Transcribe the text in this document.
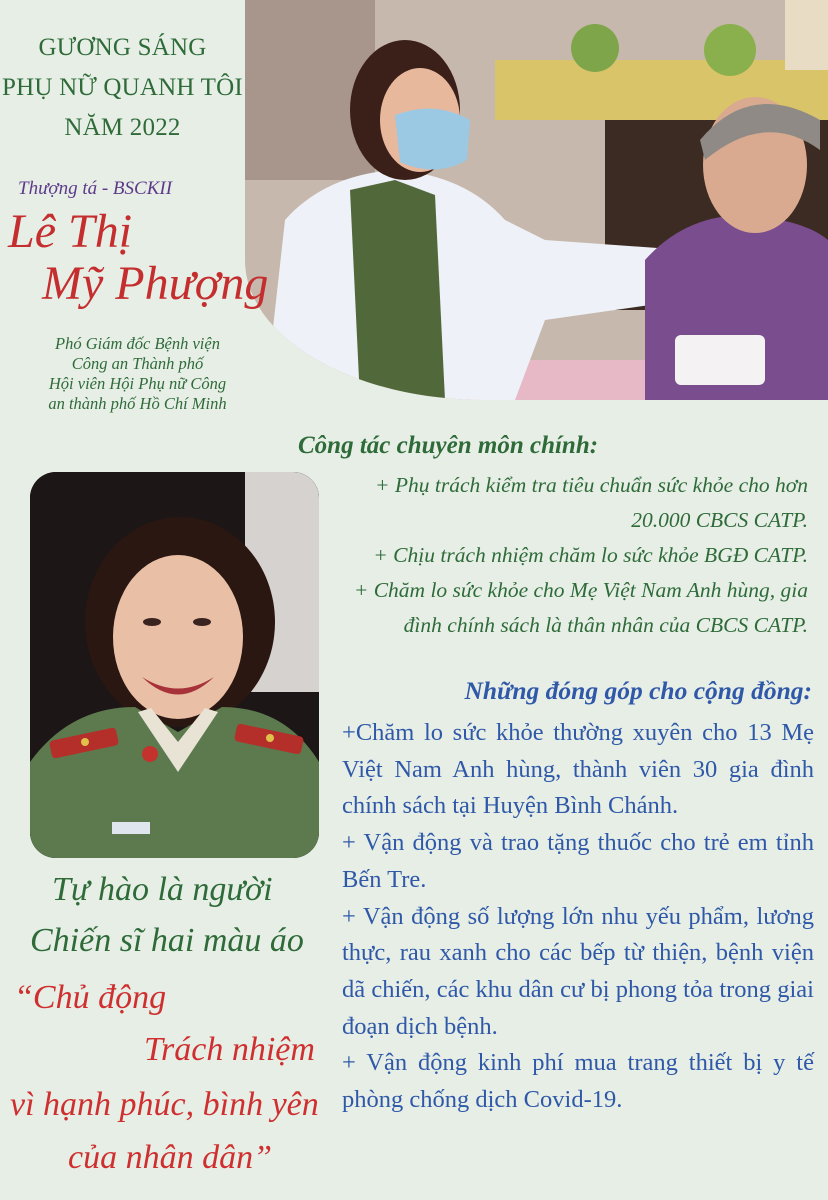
GƯƠNG SÁNG
PHỤ NỮ QUANH TÔI
NĂM 2022
Thượng tá - BSCKII
Lê Thị
Mỹ Phượng
Phó Giám đốc Bệnh viện
Công an Thành phố
Hội viên Hội Phụ nữ Công
an thành phố Hồ Chí Minh
Tự hào là người
Chiến sĩ hai màu áo
“Chủ động
Trách nhiệm
vì hạnh phúc, bình yên
của nhân dân”
Công tác chuyên môn chính:
+ Phụ trách kiểm tra tiêu chuẩn sức khỏe cho hơn
20.000 CBCS CATP.
+ Chịu trách nhiệm chăm lo sức khỏe BGĐ CATP.
+ Chăm lo sức khỏe cho Mẹ Việt Nam Anh hùng, gia
đình chính sách là thân nhân của CBCS CATP.
Những đóng góp cho cộng đồng:

+Chăm lo sức khỏe thường xuyên cho 13 Mẹ Việt Nam Anh hùng, thành viên 30 gia đình chính sách tại Huyện Bình Chánh.

+ Vận động và trao tặng thuốc cho trẻ em tỉnh Bến Tre.

+ Vận động số lượng lớn nhu yếu phẩm, lương thực, rau xanh cho các bếp từ thiện, bệnh viện dã chiến, các khu dân cư bị phong tỏa trong giai đoạn dịch bệnh.

+ Vận động kinh phí mua trang thiết bị y tế phòng chống dịch Covid-19.
